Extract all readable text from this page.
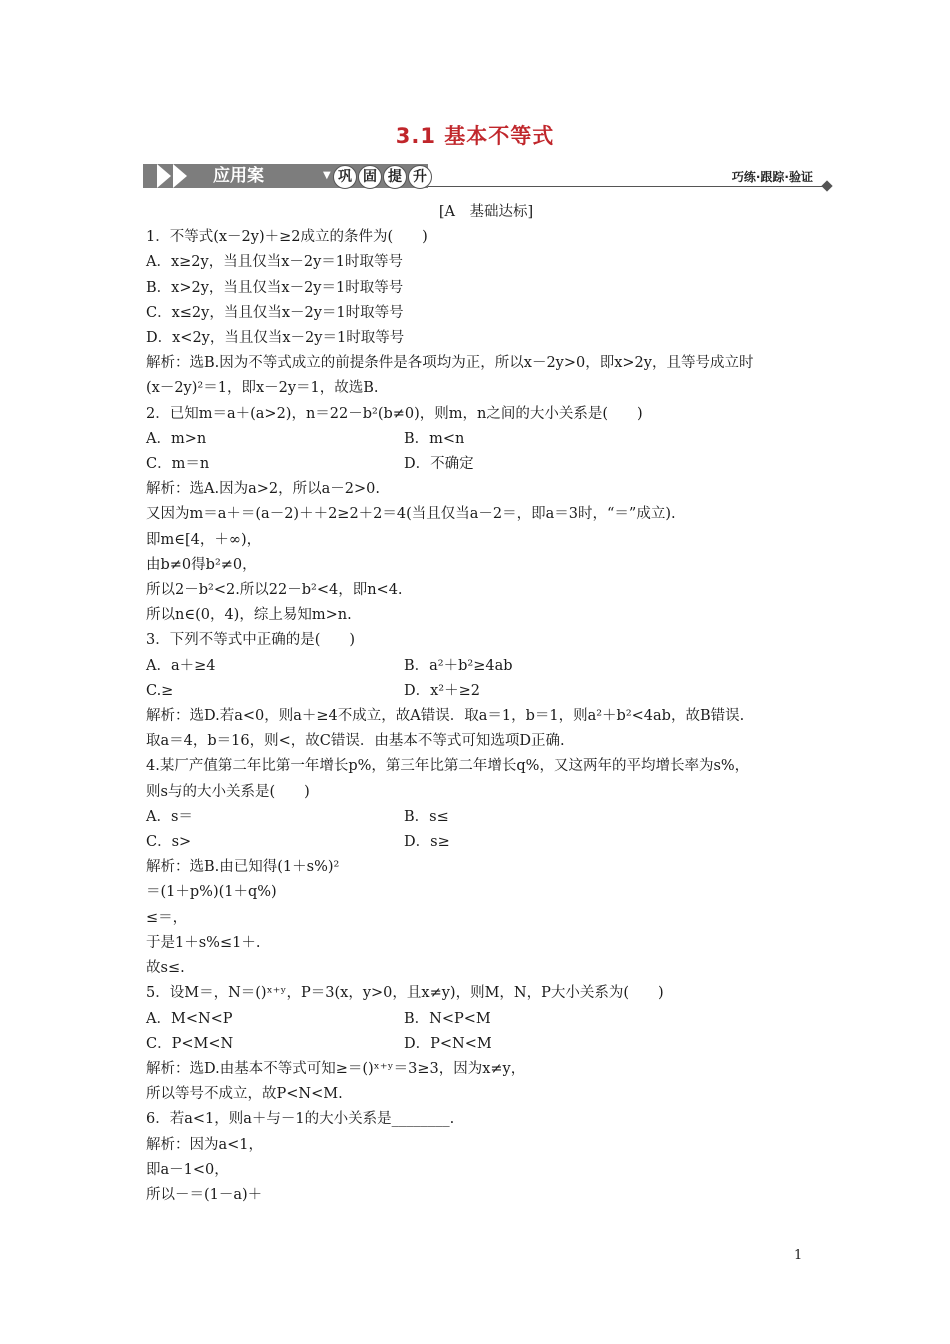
3.1 基本不等式
应用案	▼ 巩 固 提 升	巧练·跟踪·验证
[A　基础达标]
1．不等式(x－2y)＋≥2成立的条件为(　　)
A．x≥2y，当且仅当x－2y＝1时取等号
B．x>2y，当且仅当x－2y＝1时取等号
C．x≤2y，当且仅当x－2y＝1时取等号
D．x<2y，当且仅当x－2y＝1时取等号
解析：选B.因为不等式成立的前提条件是各项均为正，所以x－2y>0，即x>2y，且等号成立时
(x－2y)²＝1，即x－2y＝1，故选B.
2．已知m＝a＋(a>2)，n＝22－b²(b≠0)，则m，n之间的大小关系是(　　)
A．m>n	B．m<n
C．m＝n	D．不确定
解析：选A.因为a>2，所以a－2>0.
又因为m＝a＋＝(a－2)＋＋2≥2＋2＝4(当且仅当a－2＝，即a＝3时，“＝”成立).
即m∈[4，＋∞)，
由b≠0得b²≠0，
所以2－b²<2.所以22－b²<4，即n<4.
所以n∈(0，4)，综上易知m>n.
3．下列不等式中正确的是(　　)
A．a＋≥4	B．a²＋b²≥4ab
C.≥	D．x²＋≥2
解析：选D.若a<0，则a＋≥4不成立，故A错误．取a＝1，b＝1，则a²＋b²<4ab，故B错误.
取a＝4，b＝16，则<，故C错误．由基本不等式可知选项D正确.
4.某厂产值第二年比第一年增长p%，第三年比第二年增长q%，又这两年的平均增长率为s%，
则s与的大小关系是(　　)
A．s＝	B．s≤
C．s>	D．s≥
解析：选B.由已知得(1＋s%)²
＝(1＋p%)(1＋q%)
≤＝，
于是1＋s%≤1＋.
故s≤.
5．设M＝，N＝()ˣ⁺ʸ，P＝3(x，y>0，且x≠y)，则M，N，P大小关系为(　　)
A．M<N<P	B．N<P<M
C．P<M<N	D．P<N<M
解析：选D.由基本不等式可知≥＝()ˣ⁺ʸ＝3≥3，因为x≠y，
所以等号不成立，故P<N<M.
6．若a<1，则a＋与－1的大小关系是________.
解析：因为a<1，
即a－1<0，
所以－＝(1－a)＋
1
